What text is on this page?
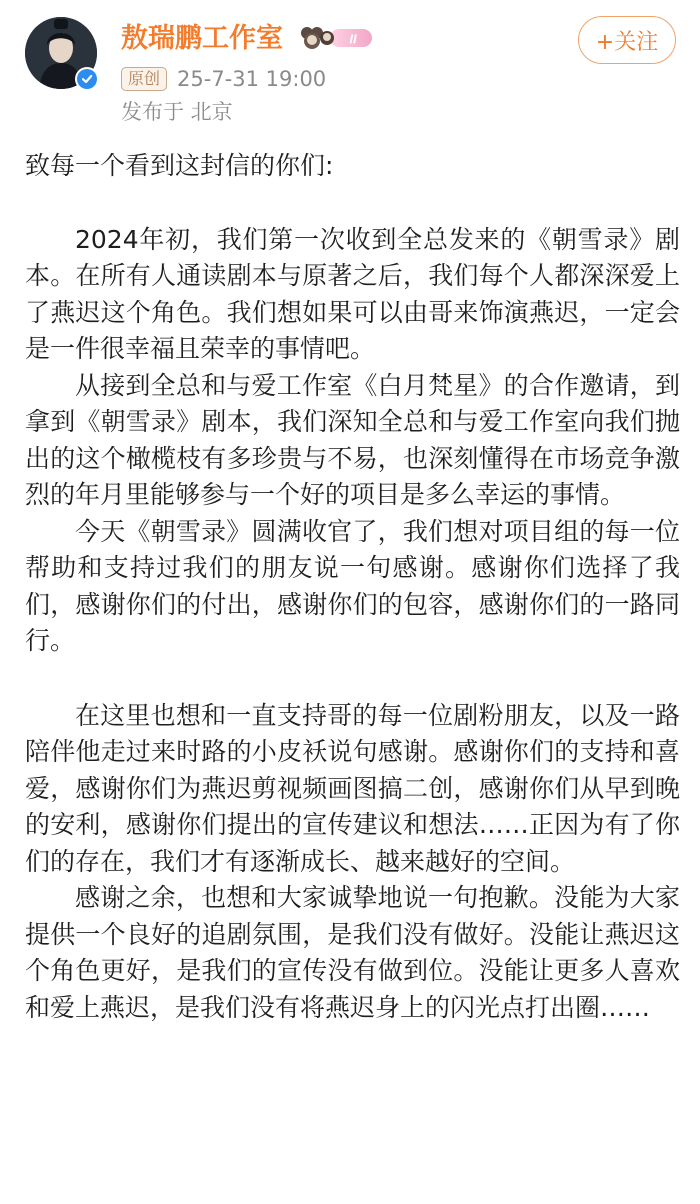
敖瑞鹏工作室	II
原创 25-7-31 19:00
发布于 北京
+关注

致每一个看到这封信的你们:

2024年初，我们第一次收到全总发来的《朝雪录》剧本。在所有人通读剧本与原著之后，我们每个人都深深爱上了燕迟这个角色。我们想如果可以由哥来饰演燕迟，一定会是一件很幸福且荣幸的事情吧。

从接到全总和与爱工作室《白月梵星》的合作邀请，到拿到《朝雪录》剧本，我们深知全总和与爱工作室向我们抛出的这个橄榄枝有多珍贵与不易，也深刻懂得在市场竞争激烈的年月里能够参与一个好的项目是多么幸运的事情。

今天《朝雪录》圆满收官了，我们想对项目组的每一位帮助和支持过我们的朋友说一句感谢。感谢你们选择了我们，感谢你们的付出，感谢你们的包容，感谢你们的一路同行。

在这里也想和一直支持哥的每一位剧粉朋友，以及一路陪伴他走过来时路的小皮袄说句感谢。感谢你们的支持和喜爱，感谢你们为燕迟剪视频画图搞二创，感谢你们从早到晚的安利，感谢你们提出的宣传建议和想法……正因为有了你们的存在，我们才有逐渐成长、越来越好的空间。

感谢之余，也想和大家诚挚地说一句抱歉。没能为大家提供一个良好的追剧氛围，是我们没有做好。没能让燕迟这个角色更好，是我们的宣传没有做到位。没能让更多人喜欢和爱上燕迟，是我们没有将燕迟身上的闪光点打出圈……
